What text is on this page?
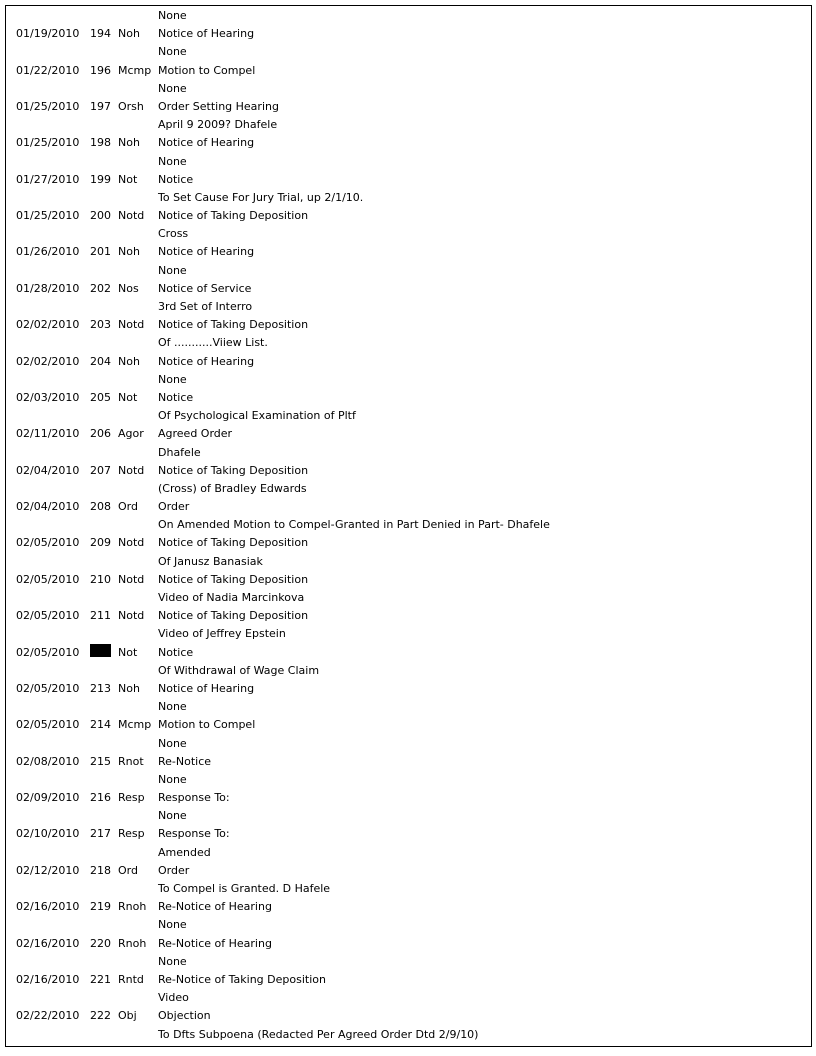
None
01/19/2010 194 Noh Notice of Hearing
None
01/22/2010 196 Mcmp Motion to Compel
None
01/25/2010 197 Orsh Order Setting Hearing
April 9 2009? Dhafele
01/25/2010 198 Noh Notice of Hearing
None
01/27/2010 199 Not Notice
To Set Cause For Jury Trial, up 2/1/10.
01/25/2010 200 Notd Notice of Taking Deposition
Cross
01/26/2010 201 Noh Notice of Hearing
None
01/28/2010 202 Nos Notice of Service
3rd Set of Interro
02/02/2010 203 Notd Notice of Taking Deposition
Of ...........Viiew List.
02/02/2010 204 Noh Notice of Hearing
None
02/03/2010 205 Not Notice
Of Psychological Examination of Pltf
02/11/2010 206 Agor Agreed Order
Dhafele
02/04/2010 207 Notd Notice of Taking Deposition
(Cross) of Bradley Edwards
02/04/2010 208 Ord Order
On Amended Motion to Compel-Granted in Part Denied in Part- Dhafele
02/05/2010 209 Notd Notice of Taking Deposition
Of Janusz Banasiak
02/05/2010 210 Notd Notice of Taking Deposition
Video of Nadia Marcinkova
02/05/2010 211 Notd Notice of Taking Deposition
Video of Jeffrey Epstein
02/05/2010	Not Notice
Of Withdrawal of Wage Claim
02/05/2010 213 Noh Notice of Hearing
None
02/05/2010 214 Mcmp Motion to Compel
None
02/08/2010 215 Rnot Re-Notice
None
02/09/2010 216 Resp Response To:
None
02/10/2010 217 Resp Response To:
Amended
02/12/2010 218 Ord Order
To Compel is Granted. D Hafele
02/16/2010 219 Rnoh Re-Notice of Hearing
None
02/16/2010 220 Rnoh Re-Notice of Hearing
None
02/16/2010 221 Rntd Re-Notice of Taking Deposition
Video
02/22/2010 222 Obj Objection
To Dfts Subpoena (Redacted Per Agreed Order Dtd 2/9/10)
